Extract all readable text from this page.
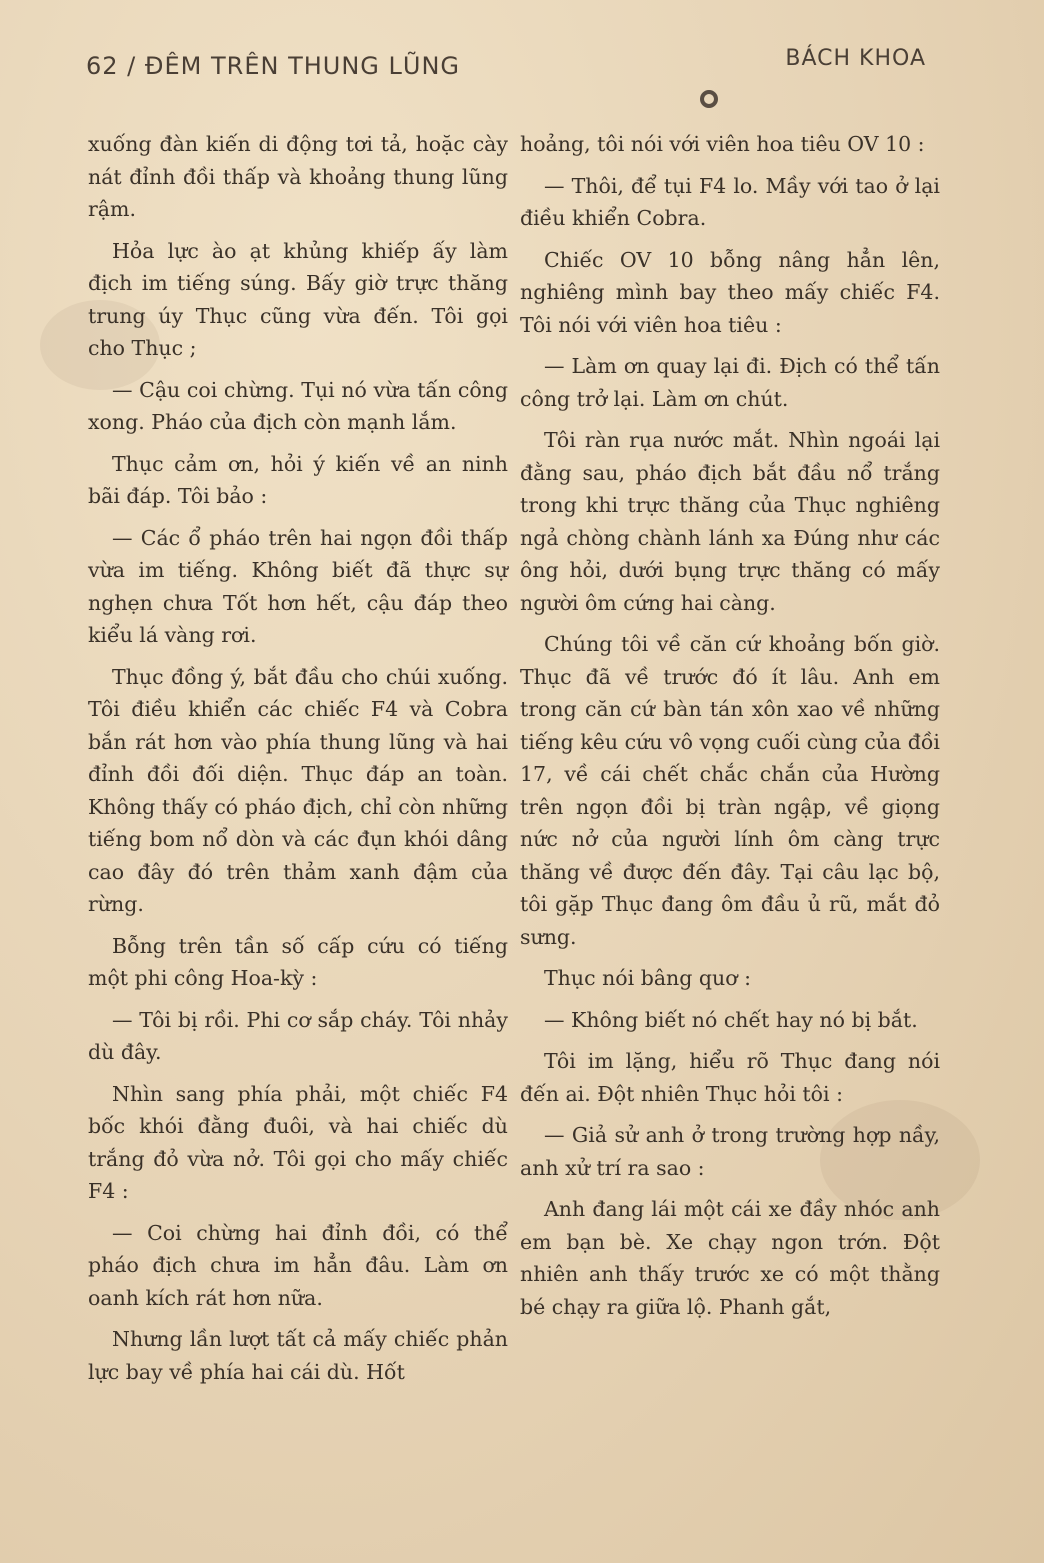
62 / ĐÊM TRÊN THUNG LŨNG	BÁCH KHOA

xuống đàn kiến di động tơi tả, hoặc cày nát đỉnh đồi thấp và khoảng thung lũng rậm.

Hỏa lực ào ạt khủng khiếp ấy làm địch im tiếng súng. Bấy giờ trực thăng trung úy Thục cũng vừa đến. Tôi gọi cho Thục ;

— Cậu coi chừng. Tụi nó vừa tấn công xong. Pháo của địch còn mạnh lắm.

Thục cảm ơn, hỏi ý kiến về an ninh bãi đáp. Tôi bảo :

— Các ổ pháo trên hai ngọn đồi thấp vừa im tiếng. Không biết đã thực sự nghẹn chưa Tốt hơn hết, cậu đáp theo kiểu lá vàng rơi.

Thục đồng ý, bắt đầu cho chúi xuống. Tôi điều khiển các chiếc F4 và Cobra bắn rát hơn vào phía thung lũng và hai đỉnh đồi đối diện. Thục đáp an toàn. Không thấy có pháo địch, chỉ còn những tiếng bom nổ dòn và các đụn khói dâng cao đây đó trên thảm xanh đậm của rừng.

Bỗng trên tần số cấp cứu có tiếng một phi công Hoa-kỳ :

— Tôi bị rồi. Phi cơ sắp cháy. Tôi nhảy dù đây.

Nhìn sang phía phải, một chiếc F4 bốc khói đằng đuôi, và hai chiếc dù trắng đỏ vừa nở. Tôi gọi cho mấy chiếc F4 :

— Coi chừng hai đỉnh đồi, có thể pháo địch chưa im hẳn đâu. Làm ơn oanh kích rát hơn nữa.

Nhưng lần lượt tất cả mấy chiếc phản lực bay về phía hai cái dù. Hốt

hoảng, tôi nói với viên hoa tiêu OV 10 :

— Thôi, để tụi F4 lo. Mầy với tao ở lại điều khiển Cobra.

Chiếc OV 10 bỗng nâng hẳn lên, nghiêng mình bay theo mấy chiếc F4. Tôi nói với viên hoa tiêu :

— Làm ơn quay lại đi. Địch có thể tấn công trở lại. Làm ơn chút.

Tôi ràn rụa nước mắt. Nhìn ngoái lại đằng sau, pháo địch bắt đầu nổ trắng trong khi trực thăng của Thục nghiêng ngả chòng chành lánh xa Đúng như các ông hỏi, dưới bụng trực thăng có mấy người ôm cứng hai càng.

Chúng tôi về căn cứ khoảng bốn giờ. Thục đã về trước đó ít lâu. Anh em trong căn cứ bàn tán xôn xao về những tiếng kêu cứu vô vọng cuối cùng của đồi 17, về cái chết chắc chắn của Hường trên ngọn đồi bị tràn ngập, về giọng nức nở của người lính ôm càng trực thăng về được đến đây. Tại câu lạc bộ, tôi gặp Thục đang ôm đầu ủ rũ, mắt đỏ sưng.

Thục nói bâng quơ :

— Không biết nó chết hay nó bị bắt.

Tôi im lặng, hiểu rõ Thục đang nói đến ai. Đột nhiên Thục hỏi tôi :

— Giả sử anh ở trong trường hợp nầy, anh xử trí ra sao :

Anh đang lái một cái xe đầy nhóc anh em bạn bè. Xe chạy ngon trớn. Đột nhiên anh thấy trước xe có một thằng bé chạy ra giữa lộ. Phanh gắt,
